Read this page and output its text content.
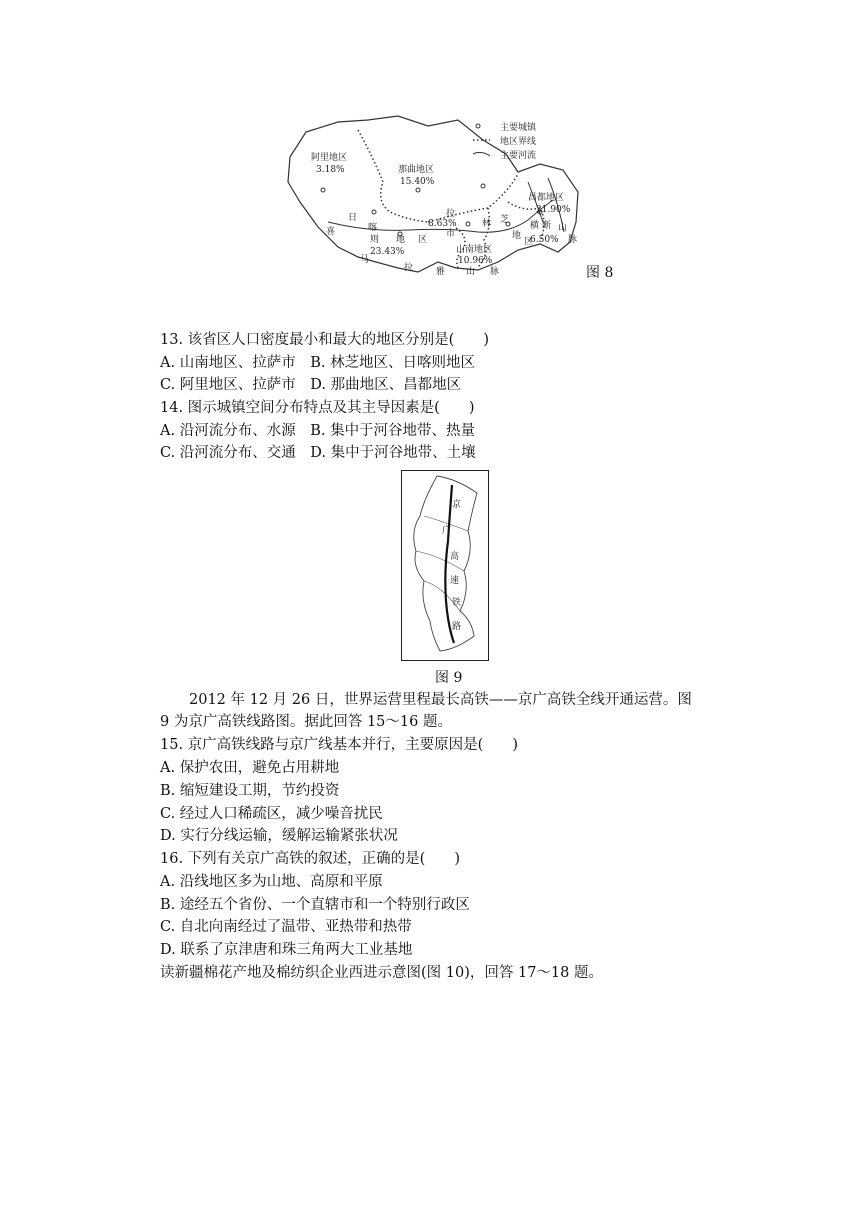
主要城镇
地区界线
主要河流
阿里地区
3.18%	那曲地区
15.40%
昌都地区
21.90%
6.50%
23.43%
8.63%
山南地区
10.96%
日
喀
喜
则 地 区
马
拉	雅 山 脉
拉
市
林 芝
地
区
横 断 山
脉
图 8
13. 该省区人口密度最小和最大的地区分别是(　　)
A. 山南地区、拉萨市　B. 林芝地区、日喀则地区
C. 阿里地区、拉萨市　D. 那曲地区、昌都地区
14. 图示城镇空间分布特点及其主导因素是(　　)
A. 沿河流分布、水源　B. 集中于河谷地带、热量
C. 沿河流分布、交通　D. 集中于河谷地带、土壤
京
广
高
速
铁
路
图 9
2012 年 12 月 26 日，世界运营里程最长高铁——京广高铁全线开通运营。图 9 为京广高铁线路图。据此回答 15～16 题。
15. 京广高铁线路与京广线基本并行，主要原因是(　　)
A. 保护农田，避免占用耕地
B. 缩短建设工期，节约投资
C. 经过人口稀疏区，减少噪音扰民
D. 实行分线运输，缓解运输紧张状况
16. 下列有关京广高铁的叙述，正确的是(　　)
A. 沿线地区多为山地、高原和平原
B. 途经五个省份、一个直辖市和一个特别行政区
C. 自北向南经过了温带、亚热带和热带
D. 联系了京津唐和珠三角两大工业基地
读新疆棉花产地及棉纺织企业西进示意图(图 10)，回答 17～18 题。
